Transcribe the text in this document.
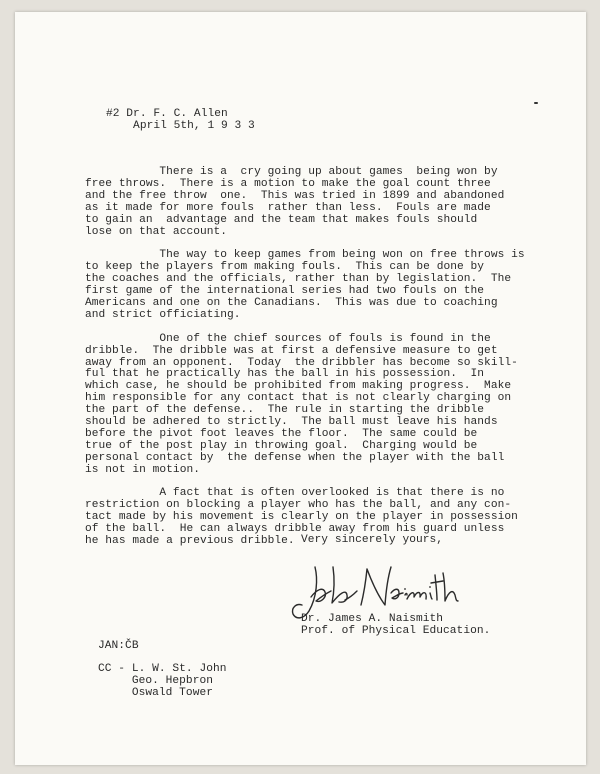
#2 Dr. F. C. Allen
April 5th, 1 9 3 3
There is a  cry going up about games  being won by
free throws.  There is a motion to make the goal count three
and the free throw  one.  This was tried in 1899 and abandoned
as it made for more fouls  rather than less.  Fouls are made
to gain an  advantage and the team that makes fouls should
lose on that account.

The way to keep games from being won on free throws is
to keep the players from making fouls.  This can be done by
the coaches and the officials, rather than by legislation.  The
first game of the international series had two fouls on the
Americans and one on the Canadians.  This was due to coaching
and strict officiating.

One of the chief sources of fouls is found in the
dribble.  The dribble was at first a defensive measure to get
away from an opponent.  Today  the dribbler has become so skill-
ful that he practically has the ball in his possession.  In
which case, he should be prohibited from making progress.  Make
him responsible for any contact that is not clearly charging on
the part of the defense..  The rule in starting the dribble
should be adhered to strictly.  The ball must leave his hands
before the pivot foot leaves the floor.  The same could be
true of the post play in throwing goal.  Charging would be
personal contact by  the defense when the player with the ball
is not in motion.

A fact that is often overlooked is that there is no
restriction on blocking a player who has the ball, and any con-
tact made by his movement is clearly on the player in possession
of the ball.  He can always dribble away from his guard unless
he has made a previous dribble. Very sincerely yours,
Dr. James A. Naismith
Prof. of Physical Education.
JAN:ČB
CC - L. W. St. John
Geo. Hepbron
Oswald Tower
